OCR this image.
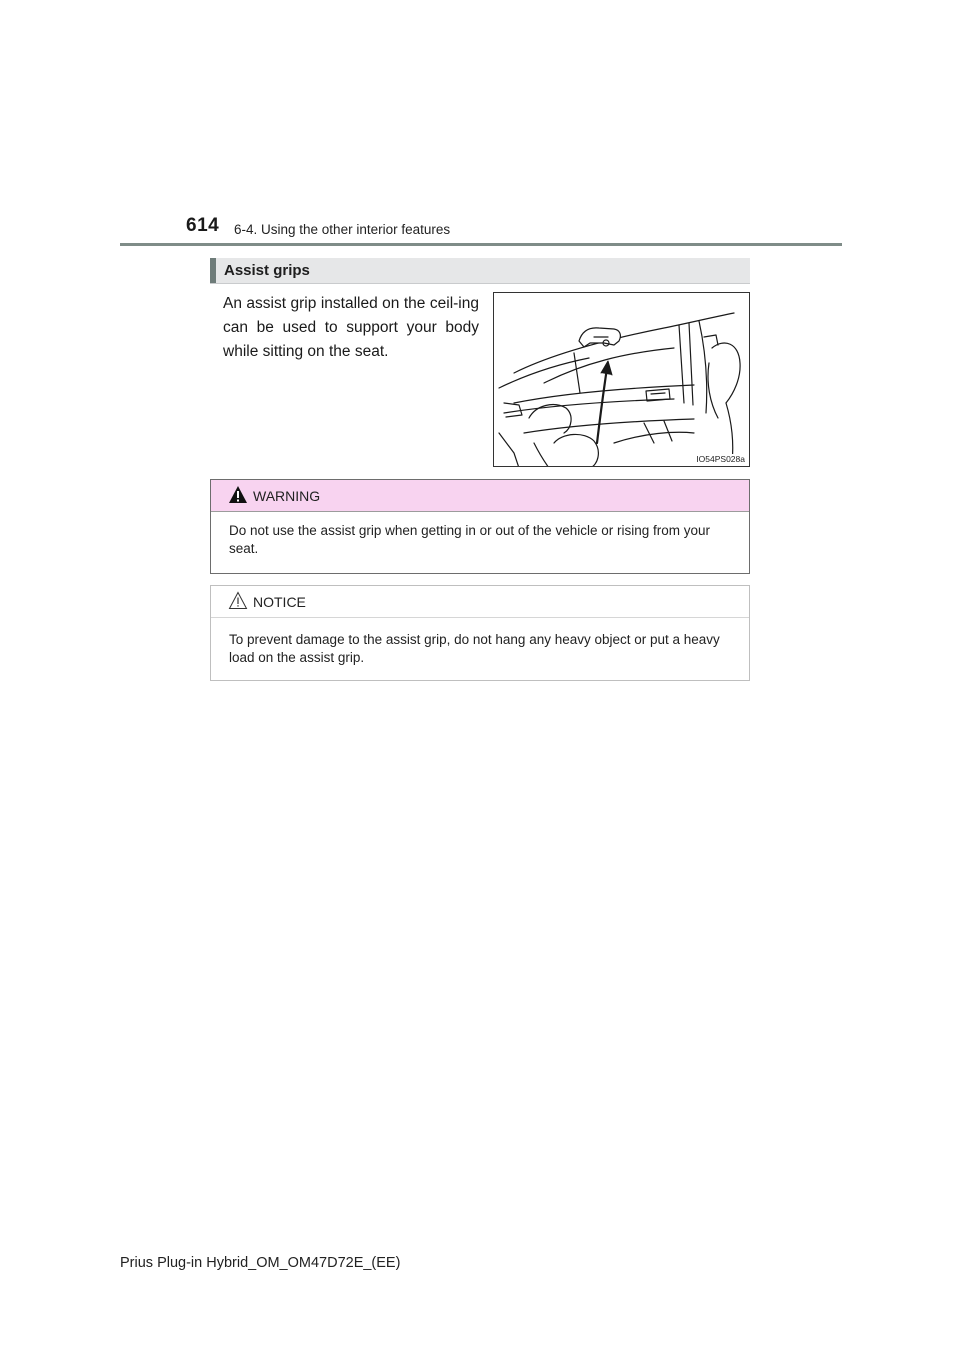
614 6-4. Using the other interior features
Assist grips
An assist grip installed on the ceil-ing can be used to support your body while sitting on the seat.
IO54PS028a
WARNING
Do not use the assist grip when getting in or out of the vehicle or rising from your seat.
NOTICE
To prevent damage to the assist grip, do not hang any heavy object or put a heavy load on the assist grip.
Prius Plug-in Hybrid_OM_OM47D72E_(EE)
